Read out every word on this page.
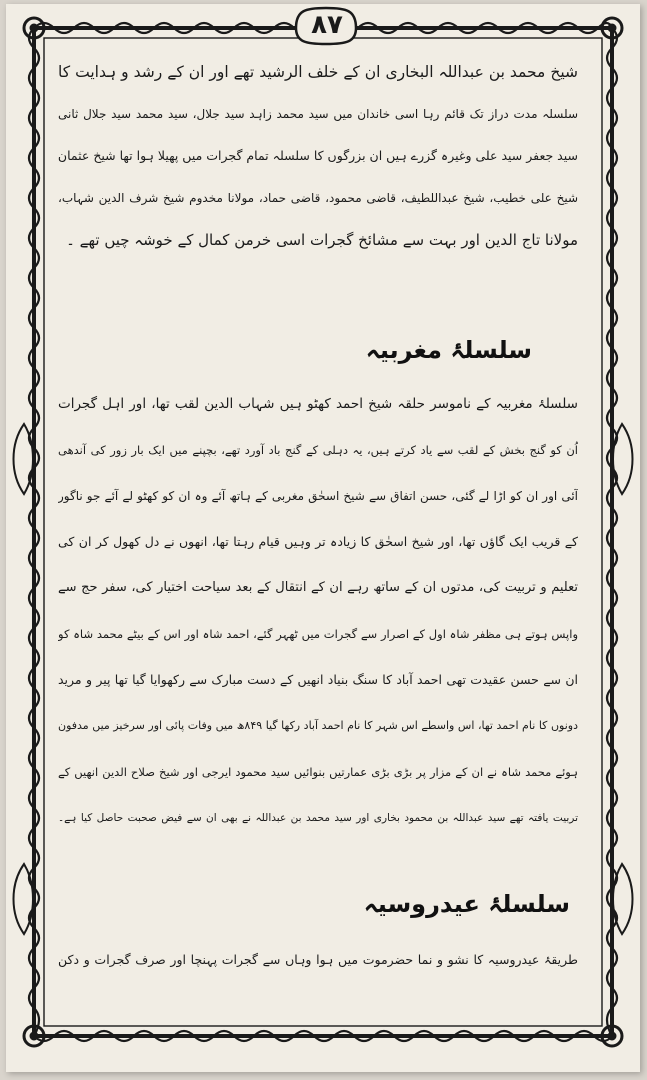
۸۷
شیخ محمد بن عبداللہ البخاری ان کے خلف الرشید تھے اور ان کے رشد و ہدایت کا
سلسلہ مدت دراز تک قائم رہا اسی خاندان میں سید محمد زاہد سید جلال، سید محمد سید جلال ثانی
سید جعفر سید علی وغیرہ گزرے ہیں ان بزرگوں کا سلسلہ تمام گجرات میں پھیلا ہوا تھا شیخ عثمان
شیخ علی خطیب، شیخ عبداللطیف، قاضی محمود، قاضی حماد، مولانا مخدوم شیخ شرف الدین شہاب،
مولانا تاج الدین اور بہت سے مشائخ گجرات اسی خرمن کمال کے خوشہ چیں تھے ۔
سلسلۂ مغربیہ
سلسلۂ مغربیہ کے ناموسر حلقہ شیخ احمد کھٹو ہیں شہاب الدین لقب تھا، اور اہل گجرات
اُن کو گنج بخش کے لقب سے یاد کرتے ہیں، یہ دہلی کے گنج باد آورد تھے، بچپنے میں ایک بار زور کی آندھی
آئی اور ان کو اڑا لے گئی، حسن اتفاق سے شیخ اسحٰق مغربی کے ہاتھ آئے وہ ان کو کھٹو لے آئے جو ناگور
کے قریب ایک گاؤں تھا، اور شیخ اسحٰق کا زیادہ تر وہیں قیام رہتا تھا، انھوں نے دل کھول کر ان کی
تعلیم و تربیت کی، مدتوں ان کے ساتھ رہے ان کے انتقال کے بعد سیاحت اختیار کی، سفر حج سے
واپس ہوتے ہی مظفر شاہ اول کے اصرار سے گجرات میں ٹھہر گئے، احمد شاہ اور اس کے بیٹے محمد شاہ کو
ان سے حسن عقیدت تھی احمد آباد کا سنگ بنیاد انھیں کے دست مبارک سے رکھوایا گیا تھا پیر و مرید
دونوں کا نام احمد تھا، اس واسطے اس شہر کا نام احمد آباد رکھا گیا ۸۴۹ھ میں وفات پائی اور سرخیز میں مدفون
ہوئے محمد شاہ نے ان کے مزار پر بڑی بڑی عمارتیں بنوائیں سید محمود ایرجی اور شیخ صلاح الدین انھیں کے
تربیت یافتہ تھے سید عبداللہ بن محمود بخاری اور سید محمد بن عبداللہ نے بھی ان سے فیض صحبت حاصل کیا ہے۔
سلسلۂ عیدروسیہ
طریقۂ عیدروسیہ کا نشو و نما حضرموت میں ہوا وہاں سے گجرات پہنچا اور صرف گجرات و دکن
